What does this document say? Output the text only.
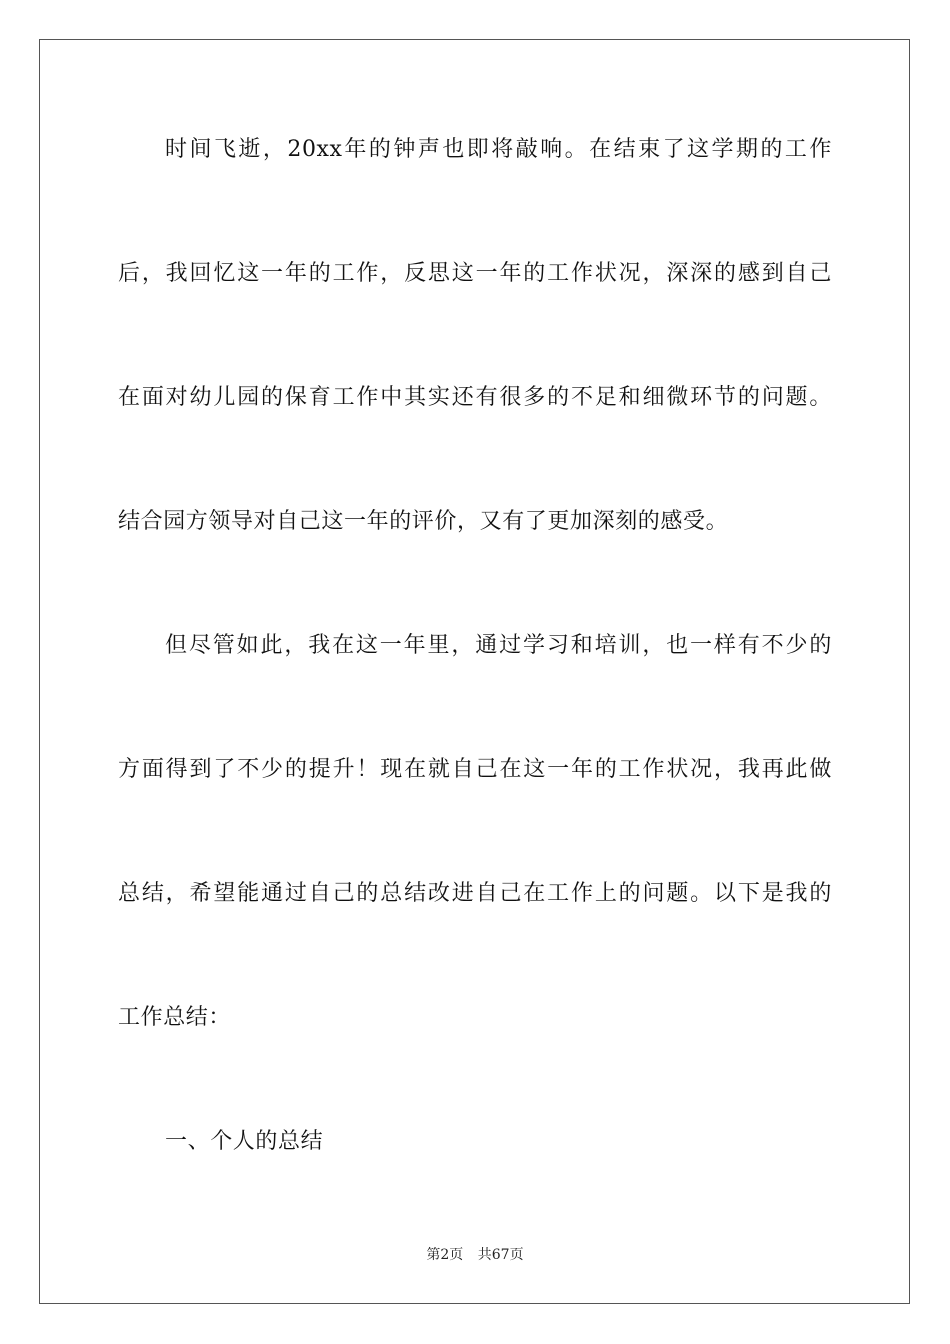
时间飞逝，20xx年的钟声也即将敲响。在结束了这学期的工作
后，我回忆这一年的工作，反思这一年的工作状况，深深的感到自己
在面对幼儿园的保育工作中其实还有很多的不足和细微环节的问题。
结合园方领导对自己这一年的评价，又有了更加深刻的感受。
但尽管如此，我在这一年里，通过学习和培训，也一样有不少的
方面得到了不少的提升！现在就自己在这一年的工作状况，我再此做
总结，希望能通过自己的总结改进自己在工作上的问题。以下是我的
工作总结：
一、个人的总结
第2页 共67页
